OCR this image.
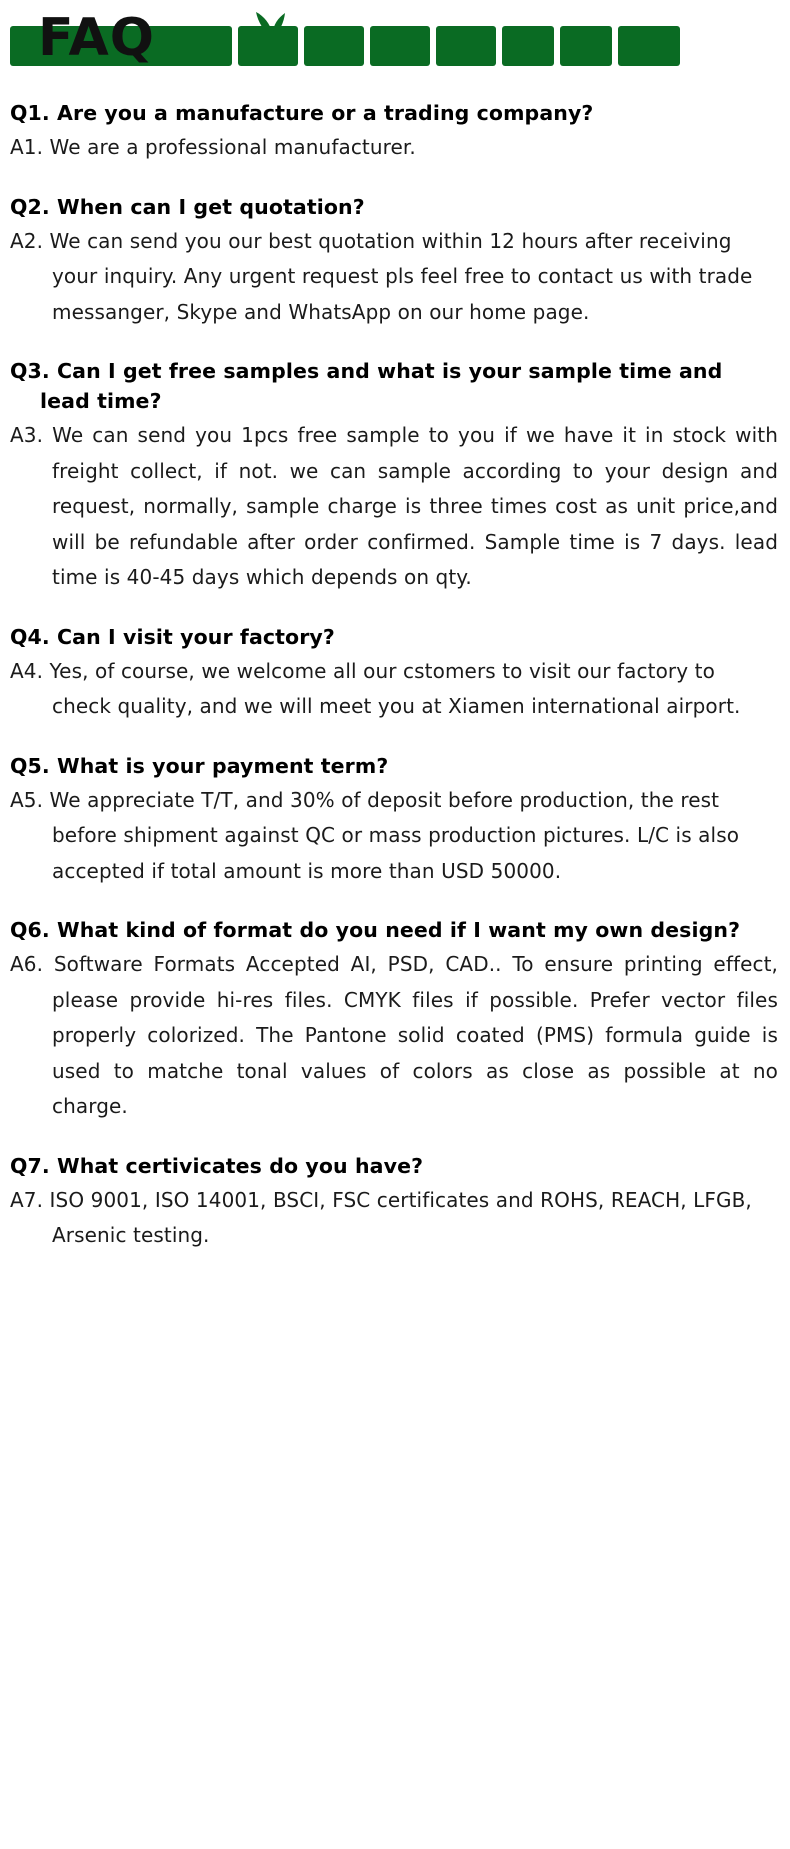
FAQ
Q1. Are you a manufacture or a trading company?
A1. We are a professional manufacturer.
Q2. When can I get quotation?
A2. We can send you our best quotation within 12 hours after receiving your inquiry. Any urgent request pls feel free to contact us with trade messanger, Skype and WhatsApp on our home page.
Q3. Can I get free samples and what is your sample time and lead time?
A3. We can send you 1pcs free sample to you if we have it in stock with freight collect, if not. we can sample according to your design and request, normally, sample charge is three times cost as unit price,and will be refundable after order confirmed. Sample time is 7 days. lead time is 40-45 days which depends on qty.
Q4. Can I visit your factory?
A4. Yes, of course, we welcome all our cstomers to visit our factory to check quality, and we will meet you at Xiamen international airport.
Q5. What is your payment term?
A5. We appreciate T/T, and 30% of deposit before production, the rest before shipment against QC or mass production pictures. L/C is also accepted if total amount is more than USD 50000.
Q6. What kind of format do you need if I want my own design?
A6. Software Formats Accepted AI, PSD, CAD.. To ensure printing effect, please provide hi-res files. CMYK files if possible. Prefer vector files properly colorized. The Pantone solid coated (PMS) formula guide is used to matche tonal values of colors as close as possible at no charge.
Q7. What certivicates do you have?
A7. ISO 9001, ISO 14001, BSCI, FSC certificates and ROHS, REACH, LFGB, Arsenic testing.
